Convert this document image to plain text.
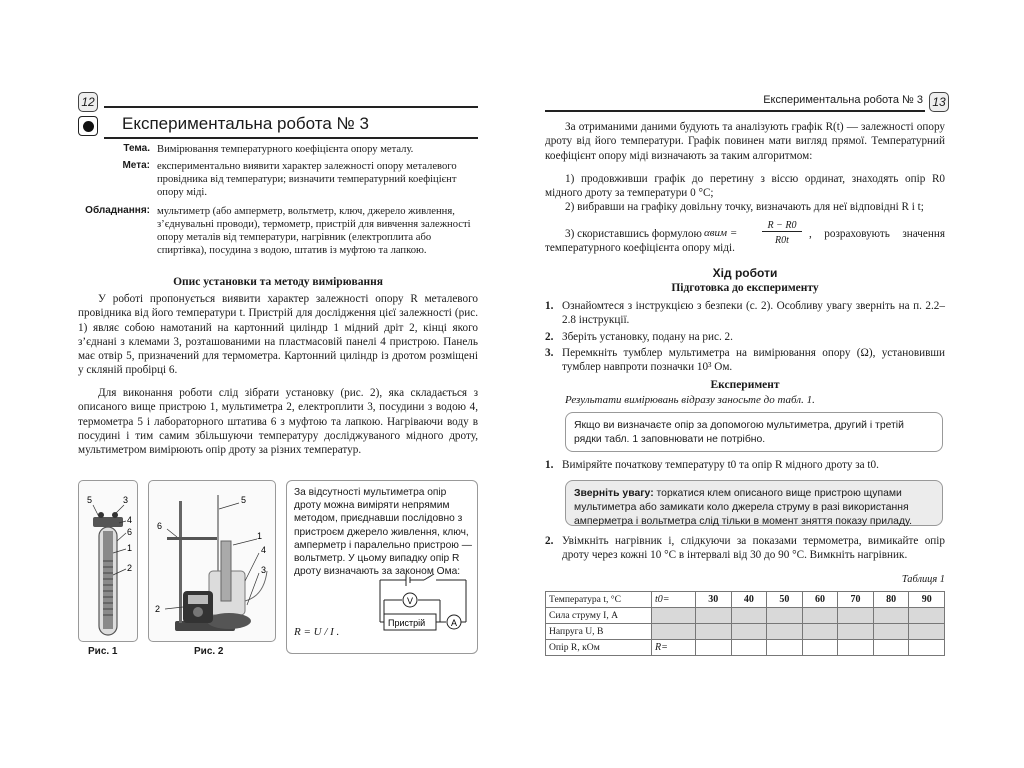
12
Експериментальна робота № 3
Тема. Вимірювання температурного коефіцієнта опору металу.
Мета: експериментально виявити характер залежності опору металевого провідника від температури; визначити температурний коефіцієнт опору міді.
Обладнання: мультиметр (або амперметр, вольтметр, ключ, джерело живлення, з’єднувальні проводи), термометр, пристрій для вивчення залежності опору металів від температури, нагрівник (електроплита або спиртівка), посудина з водою, штатив із муфтою та лапкою.
Опис установки та методу вимірювання
У роботі пропонується виявити характер залежності опору R металевого провідника від його температури t. Пристрій для дослідження цієї залежності (рис. 1) являє собою намотаний на картонний циліндр 1 мідний дріт 2, кінці якого з’єднані з клемами 3, розташованими на пластмасовій панелі 4 пристрою. Панель має отвір 5, призначений для термометра. Картонний циліндр із дротом розміщені у скляній пробірці 6.
Для виконання роботи слід зібрати установку (рис. 2), яка складається з описаного вище пристрою 1, мультиметра 2, електроплити 3, посудини з водою 4, термометра 5 і лабораторного штатива 6 з муфтою та лапкою. Нагріваючи воду в посудині і тим самим збільшуючи температуру досліджуваного мідного дроту, мультиметром вимірюють опір дроту за різних температур.
5	3
4
6
1
2
Рис. 1
5
6
1
4
3
2
Рис. 2
За відсутності мультиметра опір дроту можна виміряти непрямим методом, приєднавши послідовно з пристроєм джерело живлення, ключ, амперметр і паралельно пристрою — вольтметр. У цьому випадку опір R дроту визначають за законом Ома:
V
Пристрій	A
R = U / I .
Експериментальна робота № 3 13
За отриманими даними будують та аналізують графік R(t) — залежності опору дроту від його температури. Графік повинен мати вигляд прямої. Температурний коефіцієнт опору міді визначають за таким алгоритмом:
1) продовживши графік до перетину з віссю ординат, знаходять опір R0 мідного дроту за температури 0 °С;
2) вибравши на графіку довільну точку, визначають для неї відповідні R і t;
3) скориставшись формулою αвим =
R − R0
R0t
, розраховують значення температурного коефіцієнта опору міді.
Хід роботи
Підготовка до експерименту
1. Ознайомтеся з інструкцією з безпеки (с. 2). Особливу увагу зверніть на п. 2.2–2.8 інструкції.
2. Зберіть установку, подану на рис. 2.
3. Перемкніть тумблер мультиметра на вимірювання опору (Ω), установивши тумблер навпроти позначки 10³ Ом.
Експеримент
Результати вимірювань відразу заносьте до табл. 1.
Якщо ви визначаєте опір за допомогою мультиметра, другий і третій рядки табл. 1 заповнювати не потрібно.
1. Виміряйте початкову температуру t0 та опір R мідного дроту за t0.
Зверніть увагу: торкатися клем описаного вище пристрою щупами мультиметра або замикати коло джерела струму в разі використання амперметра і вольтметра слід тільки в момент зняття показу приладу.
2. Увімкніть нагрівник і, слідкуючи за показами термометра, вимикайте опір дроту через кожні 10 °С в інтервалі від 30 до 90 °С. Вимкніть нагрівник.
Таблиця 1
Температура t, °С	t0=	30	40	50	60	70	80	90
Сила струму I, А								
Напруга U, В								
Опір R, кОм	R=							
